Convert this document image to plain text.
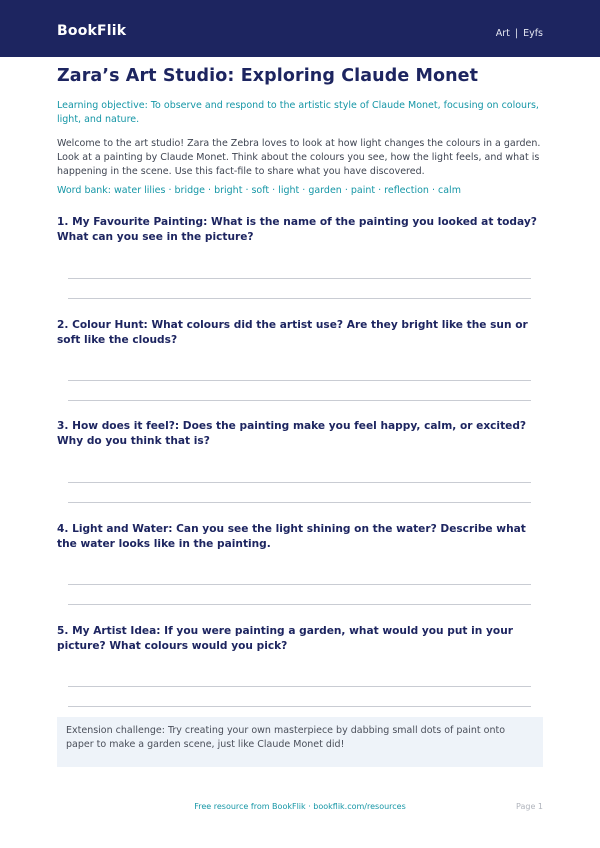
BookFlik	Art | Eyfs
Zara’s Art Studio: Exploring Claude Monet
Learning objective: To observe and respond to the artistic style of Claude Monet, focusing on colours, light, and nature.
Welcome to the art studio! Zara the Zebra loves to look at how light changes the colours in a garden. Look at a painting by Claude Monet. Think about the colours you see, how the light feels, and what is happening in the scene. Use this fact-file to share what you have discovered.
Word bank: water lilies · bridge · bright · soft · light · garden · paint · reflection · calm
1. My Favourite Painting: What is the name of the painting you looked at today? What can you see in the picture?
2. Colour Hunt: What colours did the artist use? Are they bright like the sun or soft like the clouds?
3. How does it feel?: Does the painting make you feel happy, calm, or excited? Why do you think that is?
4. Light and Water: Can you see the light shining on the water? Describe what the water looks like in the painting.
5. My Artist Idea: If you were painting a garden, what would you put in your picture? What colours would you pick?
Extension challenge: Try creating your own masterpiece by dabbing small dots of paint onto paper to make a garden scene, just like Claude Monet did!
Free resource from BookFlik · bookflik.com/resources	Page 1
